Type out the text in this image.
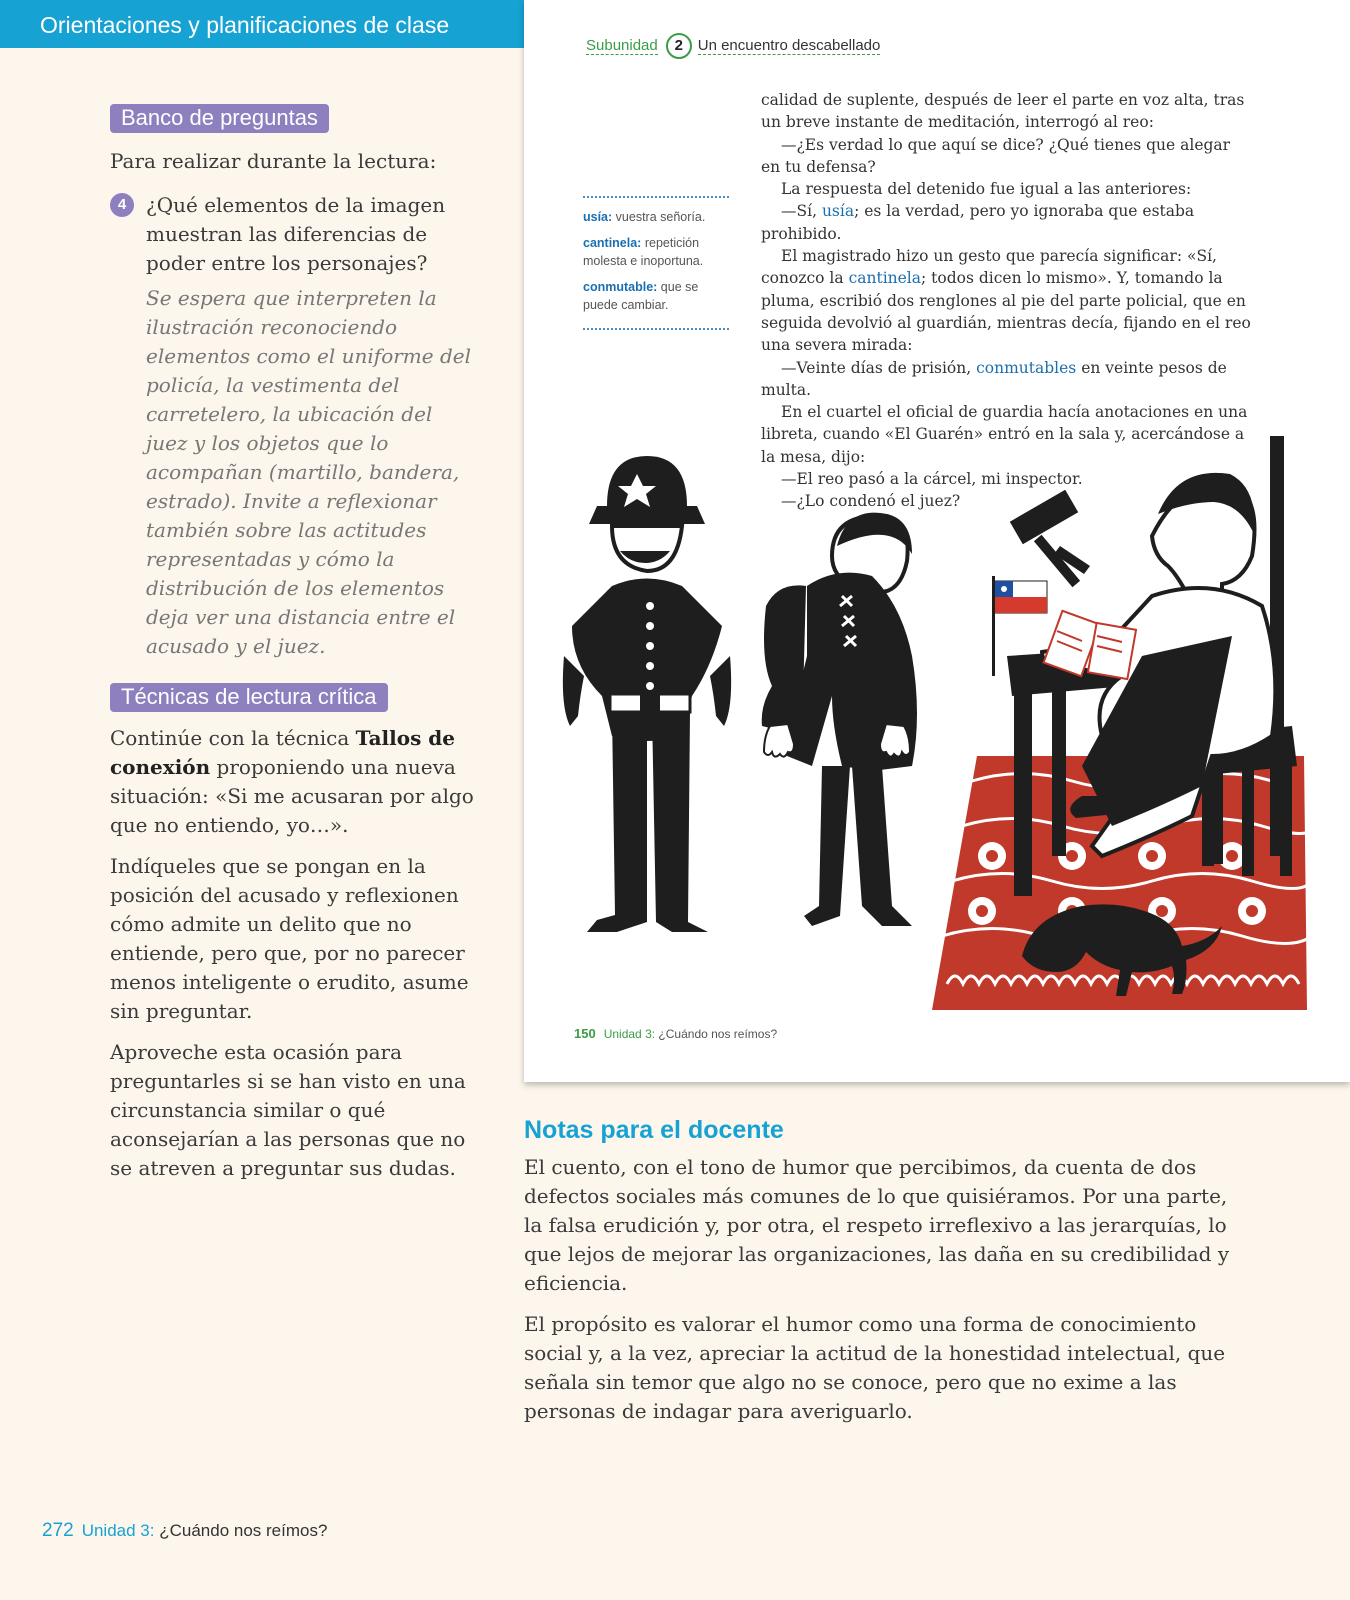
Orientaciones y planificaciones de clase
Banco de preguntas
Para realizar durante la lectura:
4 ¿Qué elementos de la imagen muestran las diferencias de poder entre los personajes?
Se espera que interpreten la ilustración reconociendo elementos como el uniforme del policía, la vestimenta del carretelero, la ubicación del juez y los objetos que lo acompañan (martillo, bandera, estrado). Invite a reflexionar también sobre las actitudes representadas y cómo la distribución de los elementos deja ver una distancia entre el acusado y el juez.
Técnicas de lectura crítica
Continúe con la técnica Tallos de conexión proponiendo una nueva situación: «Si me acusaran por algo que no entiendo, yo…».
Indíqueles que se pongan en la posición del acusado y reflexionen cómo admite un delito que no entiende, pero que, por no parecer menos inteligente o erudito, asume sin preguntar.
Aproveche esta ocasión para preguntarles si se han visto en una circunstancia similar o qué aconsejarían a las personas que no se atreven a preguntar sus dudas.
Subunidad 2 Un encuentro descabellado

usía: vuestra señoría.

cantinela: repetición molesta e inoportuna.

conmutable: que se puede cambiar.

calidad de suplente, después de leer el parte en voz alta, tras un breve instante de meditación, interrogó al reo:

—¿Es verdad lo que aquí se dice? ¿Qué tienes que alegar en tu defensa?

La respuesta del detenido fue igual a las anteriores:

—Sí, usía; es la verdad, pero yo ignoraba que estaba prohibido.

El magistrado hizo un gesto que parecía significar: «Sí, conozco la cantinela; todos dicen lo mismo». Y, tomando la pluma, escribió dos renglones al pie del parte policial, que en seguida devolvió al guardián, mientras decía, fijando en el reo una severa mirada:

—Veinte días de prisión, conmutables en veinte pesos de multa.

En el cuartel el oficial de guardia hacía anotaciones en una libreta, cuando «El Guarén» entró en la sala y, acercándose a la mesa, dijo:

—El reo pasó a la cárcel, mi inspector.

—¿Lo condenó el juez?

150 Unidad 3: ¿Cuándo nos reímos?
Notas para el docente

El cuento, con el tono de humor que percibimos, da cuenta de dos defectos sociales más comunes de lo que quisiéramos. Por una parte, la falsa erudición y, por otra, el respeto irreflexivo a las jerarquías, lo que lejos de mejorar las organizaciones, las daña en su credibilidad y eficiencia.

El propósito es valorar el humor como una forma de conocimiento social y, a la vez, apreciar la actitud de la honestidad intelectual, que señala sin temor que algo no se conoce, pero que no exime a las personas de indagar para averiguarlo.

272 Unidad 3: ¿Cuándo nos reímos?
